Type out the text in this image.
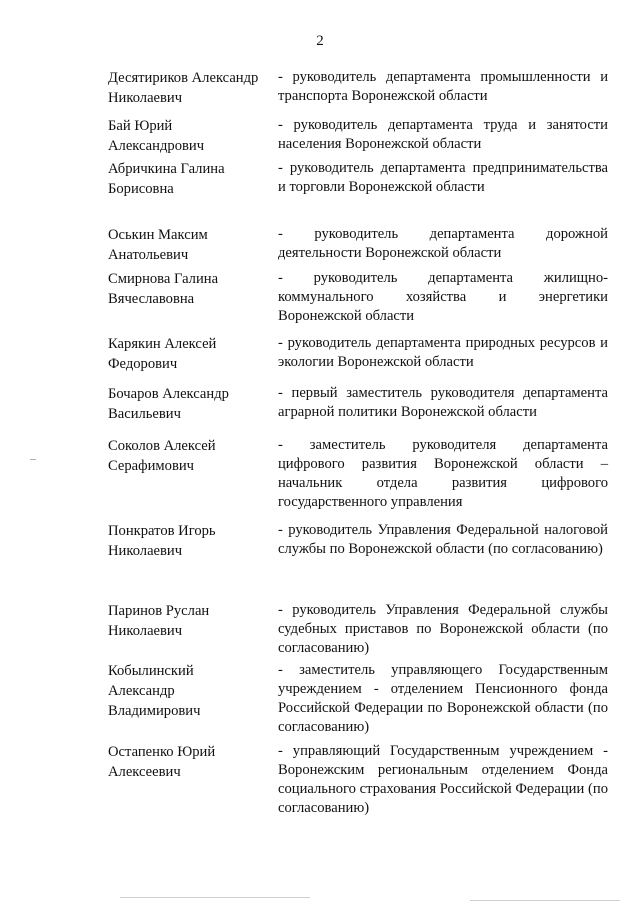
2
Десятириков Александр
Николаевич
- руководитель департамента промышленности и транспорта Воронежской области
Бай Юрий
Александрович
- руководитель департамента труда и занятости населения Воронежской области
Абричкина Галина
Борисовна
- руководитель департамента предпринимательства и торговли Воронежской области
Оськин Максим
Анатольевич
- руководитель департамента дорожной деятельности Воронежской области
Смирнова Галина
Вячеславовна
- руководитель департамента жилищно-коммунального хозяйства и энергетики Воронежской области
Карякин Алексей
Федорович
- руководитель департамента природных ресурсов и экологии Воронежской области
Бочаров Александр
Васильевич
- первый заместитель руководителя департамента аграрной политики Воронежской области
Соколов Алексей
Серафимович
- заместитель руководителя департамента цифрового развития Воронежской области – начальник отдела развития цифрового государственного управления
Понкратов Игорь
Николаевич
- руководитель Управления Федеральной налоговой службы по Воронежской области (по согласованию)
Паринов Руслан
Николаевич
- руководитель Управления Федеральной службы судебных приставов по Воронежской области (по согласованию)
Кобылинский
Александр
Владимирович
- заместитель управляющего Государственным учреждением - отделением Пенсионного фонда Российской Федерации по Воронежской области (по согласованию)
Остапенко Юрий
Алексеевич
- управляющий Государственным учреждением - Воронежским региональным отделением Фонда социального страхования Российской Федерации (по согласованию)
